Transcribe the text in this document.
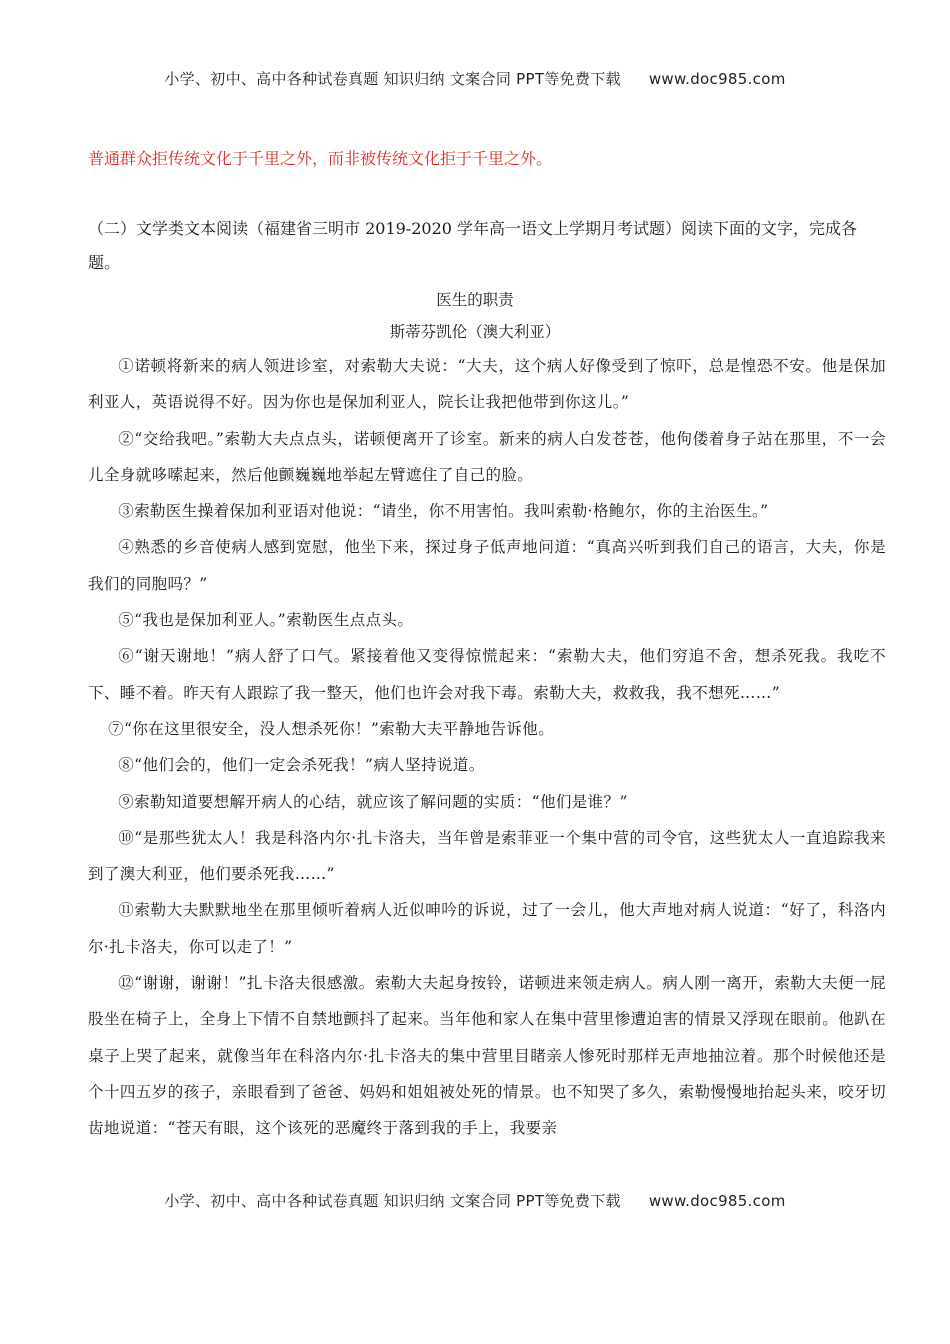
小学、初中、高中各种试卷真题 知识归纳 文案合同 PPT等免费下载 www.doc985.com
普通群众拒传统文化于千里之外，而非被传统文化拒于千里之外。
（二）文学类文本阅读（福建省三明市 2019-2020 学年高一语文上学期月考试题）阅读下面的文字，完成各题。
医生的职责
斯蒂芬凯伦（澳大利亚）

①诺顿将新来的病人领进诊室，对索勒大夫说：“大夫，这个病人好像受到了惊吓，总是惶恐不安。他是保加利亚人，英语说得不好。因为你也是保加利亚人，院长让我把他带到你这儿。”

②“交给我吧。”索勒大夫点点头，诺顿便离开了诊室。新来的病人白发苍苍，他佝偻着身子站在那里，不一会儿全身就哆嗦起来，然后他颤巍巍地举起左臂遮住了自己的脸。

③索勒医生操着保加利亚语对他说：“请坐，你不用害怕。我叫索勒·格鲍尔，你的主治医生。”

④熟悉的乡音使病人感到宽慰，他坐下来，探过身子低声地问道：“真高兴听到我们自己的语言，大夫，你是我们的同胞吗？”

⑤“我也是保加利亚人。”索勒医生点点头。

⑥“谢天谢地！”病人舒了口气。紧接着他又变得惊慌起来：“索勒大夫，他们穷追不舍，想杀死我。我吃不下、睡不着。昨天有人跟踪了我一整天，他们也许会对我下毒。索勒大夫，救救我，我不想死……”

⑦“你在这里很安全，没人想杀死你！”索勒大夫平静地告诉他。

⑧“他们会的，他们一定会杀死我！”病人坚持说道。

⑨索勒知道要想解开病人的心结，就应该了解问题的实质：“他们是谁？”

⑩“是那些犹太人！我是科洛内尔·扎卡洛夫，当年曾是索菲亚一个集中营的司令官，这些犹太人一直追踪我来到了澳大利亚，他们要杀死我……”

⑪索勒大夫默默地坐在那里倾听着病人近似呻吟的诉说，过了一会儿，他大声地对病人说道：“好了，科洛内尔·扎卡洛夫，你可以走了！”

⑫“谢谢，谢谢！”扎卡洛夫很感激。索勒大夫起身按铃，诺顿进来领走病人。病人刚一离开，索勒大夫便一屁股坐在椅子上，全身上下情不自禁地颤抖了起来。当年他和家人在集中营里惨遭迫害的情景又浮现在眼前。他趴在桌子上哭了起来，就像当年在科洛内尔·扎卡洛夫的集中营里目睹亲人惨死时那样无声地抽泣着。那个时候他还是个十四五岁的孩子，亲眼看到了爸爸、妈妈和姐姐被处死的情景。也不知哭了多久，索勒慢慢地抬起头来，咬牙切齿地说道：“苍天有眼，这个该死的恶魔终于落到我的手上，我要亲

小学、初中、高中各种试卷真题 知识归纳 文案合同 PPT等免费下载 www.doc985.com
